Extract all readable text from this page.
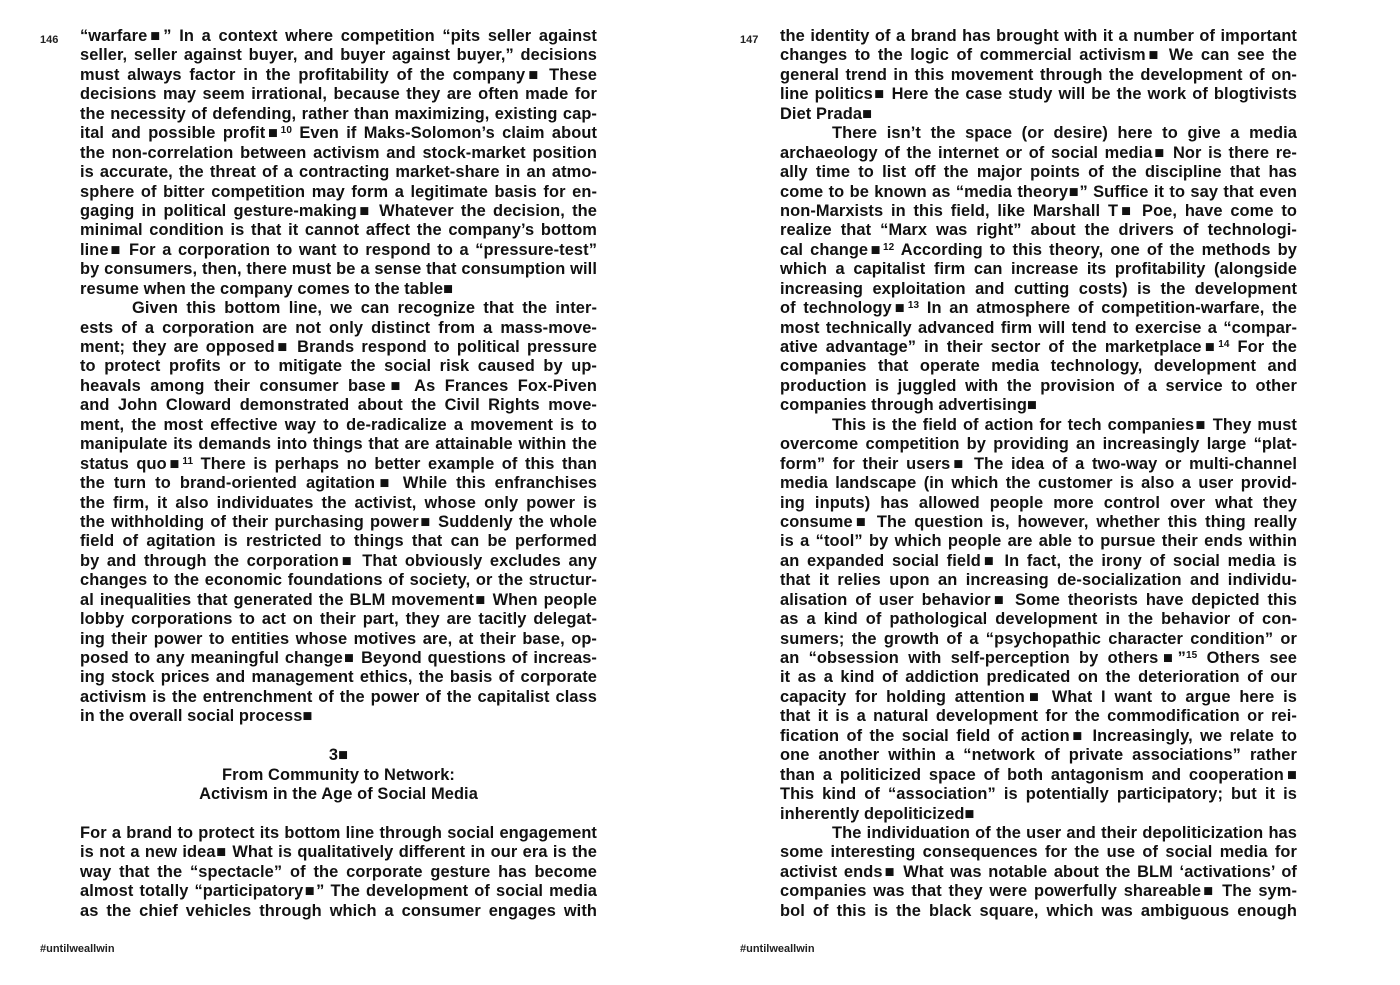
146 “warfare■” In a context where competition “pits seller against
seller, seller against buyer, and buyer against buyer,” decisions
must always factor in the profitability of the company■ These
decisions may seem irrational, because they are often made for
the necessity of defending, rather than maximizing, existing cap-
ital and possible profit■$^{10}$ Even if Maks-Solomon’s claim about
the non-correlation between activism and stock-market position
is accurate, the threat of a contracting market-share in an atmo-
sphere of bitter competition may form a legitimate basis for en-
gaging in political gesture-making■ Whatever the decision, the
minimal condition is that it cannot affect the company’s bottom
line■ For a corporation to want to respond to a “pressure-test”
by consumers, then, there must be a sense that consumption will
resume when the company comes to the table■
Given this bottom line, we can recognize that the inter-
ests of a corporation are not only distinct from a mass-move-
ment; they are opposed■ Brands respond to political pressure
to protect profits or to mitigate the social risk caused by up-
heavals among their consumer base■ As Frances Fox-Piven
and John Cloward demonstrated about the Civil Rights move-
ment, the most effective way to de-radicalize a movement is to
manipulate its demands into things that are attainable within the
status quo■$^{11}$ There is perhaps no better example of this than
the turn to brand-oriented agitation■ While this enfranchises
the firm, it also individuates the activist, whose only power is
the withholding of their purchasing power■ Suddenly the whole
field of agitation is restricted to things that can be performed
by and through the corporation■ That obviously excludes any
changes to the economic foundations of society, or the structur-
al inequalities that generated the BLM movement■ When people
lobby corporations to act on their part, they are tacitly delegat-
ing their power to entities whose motives are, at their base, op-
posed to any meaningful change■ Beyond questions of increas-
ing stock prices and management ethics, the basis of corporate
activism is the entrenchment of the power of the capitalist class
in the overall social process■
3■
From Community to Network:
Activism in the Age of Social Media
For a brand to protect its bottom line through social engagement
is not a new idea■ What is qualitatively different in our era is the
way that the “spectacle” of the corporate gesture has become
almost totally “participatory■” The development of social media
as the chief vehicles through which a consumer engages with
#untilweallwin
147 the identity of a brand has brought with it a number of important
changes to the logic of commercial activism■ We can see the
general trend in this movement through the development of on-
line politics■ Here the case study will be the work of blogtivists
Diet Prada■
There isn’t the space (or desire) here to give a media
archaeology of the internet or of social media■ Nor is there re-
ally time to list off the major points of the discipline that has
come to be known as “media theory■” Suffice it to say that even
non-Marxists in this field, like Marshall T■ Poe, have come to
realize that “Marx was right” about the drivers of technologi-
cal change■$^{12}$ According to this theory, one of the methods by
which a capitalist firm can increase its profitability (alongside
increasing exploitation and cutting costs) is the development
of technology■$^{13}$ In an atmosphere of competition-warfare, the
most technically advanced firm will tend to exercise a “compar-
ative advantage” in their sector of the marketplace■$^{14}$ For the
companies that operate media technology, development and
production is juggled with the provision of a service to other
companies through advertising■
This is the field of action for tech companies■ They must
overcome competition by providing an increasingly large “plat-
form” for their users■ The idea of a two-way or multi-channel
media landscape (in which the customer is also a user provid-
ing inputs) has allowed people more control over what they
consume■ The question is, however, whether this thing really
is a “tool” by which people are able to pursue their ends within
an expanded social field■ In fact, the irony of social media is
that it relies upon an increasing de-socialization and individu-
alisation of user behavior■ Some theorists have depicted this
as a kind of pathological development in the behavior of con-
sumers; the growth of a “psychopathic character condition” or
an “obsession with self-perception by others■”$^{15}$ Others see
it as a kind of addiction predicated on the deterioration of our
capacity for holding attention■ What I want to argue here is
that it is a natural development for the commodification or rei-
fication of the social field of action■ Increasingly, we relate to
one another within a “network of private associations” rather
than a politicized space of both antagonism and cooperation■
This kind of “association” is potentially participatory; but it is
inherently depoliticized■
The individuation of the user and their depoliticization has
some interesting consequences for the use of social media for
activist ends■ What was notable about the BLM ‘activations’ of
companies was that they were powerfully shareable■ The sym-
bol of this is the black square, which was ambiguous enough
#untilweallwin
